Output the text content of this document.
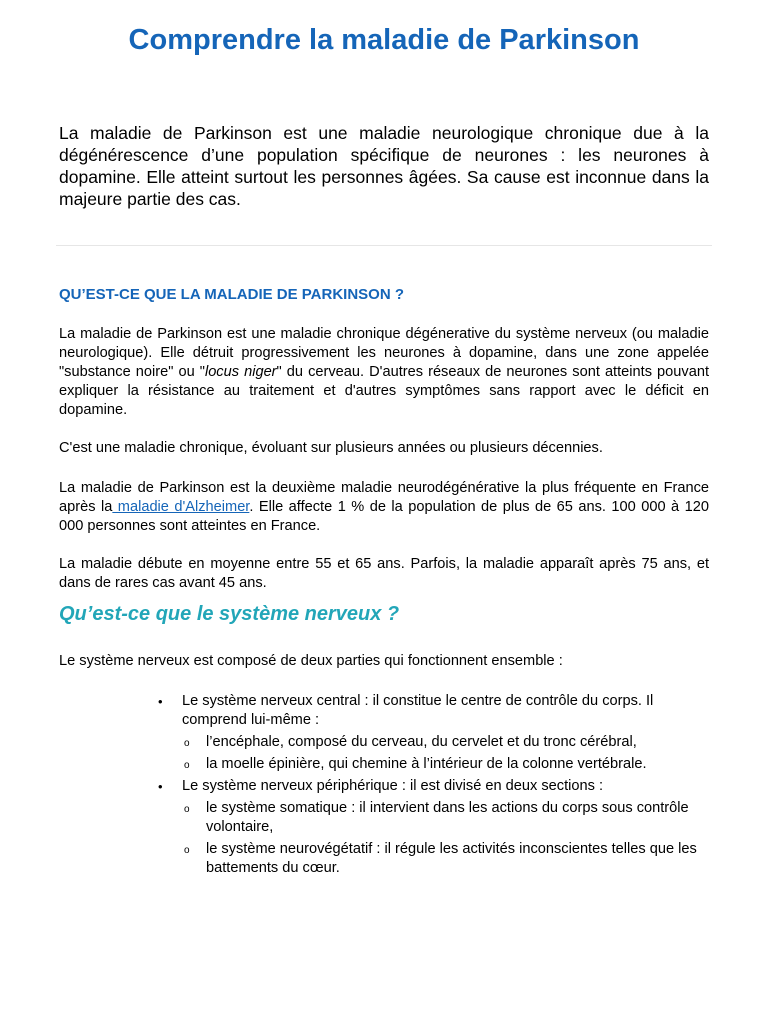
Comprendre la maladie de Parkinson

La maladie de Parkinson est une maladie neurologique chronique due à la dégénérescence d’une population spécifique de neurones : les neurones à dopamine. Elle atteint surtout les personnes âgées. Sa cause est inconnue dans la majeure partie des cas.

QU’EST-CE QUE LA MALADIE DE PARKINSON ?

La maladie de Parkinson est une maladie chronique dégénerative du système nerveux (ou maladie neurologique). Elle détruit progressivement les neurones à dopamine, dans une zone appelée "substance noire" ou "locus niger" du cerveau. D'autres réseaux de neurones sont atteints pouvant expliquer la résistance au traitement et d'autres symptômes sans rapport avec le déficit en dopamine.

C'est une maladie chronique, évoluant sur plusieurs années ou plusieurs décennies.

La maladie de Parkinson est la deuxième maladie neurodégénérative la plus fréquente en France après la maladie d'Alzheimer. Elle affecte 1 % de la population de plus de 65 ans. 100 000 à 120 000 personnes sont atteintes en France.

La maladie débute en moyenne entre 55 et 65 ans. Parfois, la maladie apparaît après 75 ans, et dans de rares cas avant 45 ans.

Qu’est-ce que le système nerveux ?

Le système nerveux est composé de deux parties qui fonctionnent ensemble :

• Le système nerveux central : il constitue le centre de contrôle du corps. Il comprend lui-même :
o l’encéphale, composé du cerveau, du cervelet et du tronc cérébral,
o la moelle épinière, qui chemine à l’intérieur de la colonne vertébrale.
• Le système nerveux périphérique : il est divisé en deux sections :
o le système somatique : il intervient dans les actions du corps sous contrôle volontaire,
o le système neurovégétatif : il régule les activités inconscientes telles que les battements du cœur.
